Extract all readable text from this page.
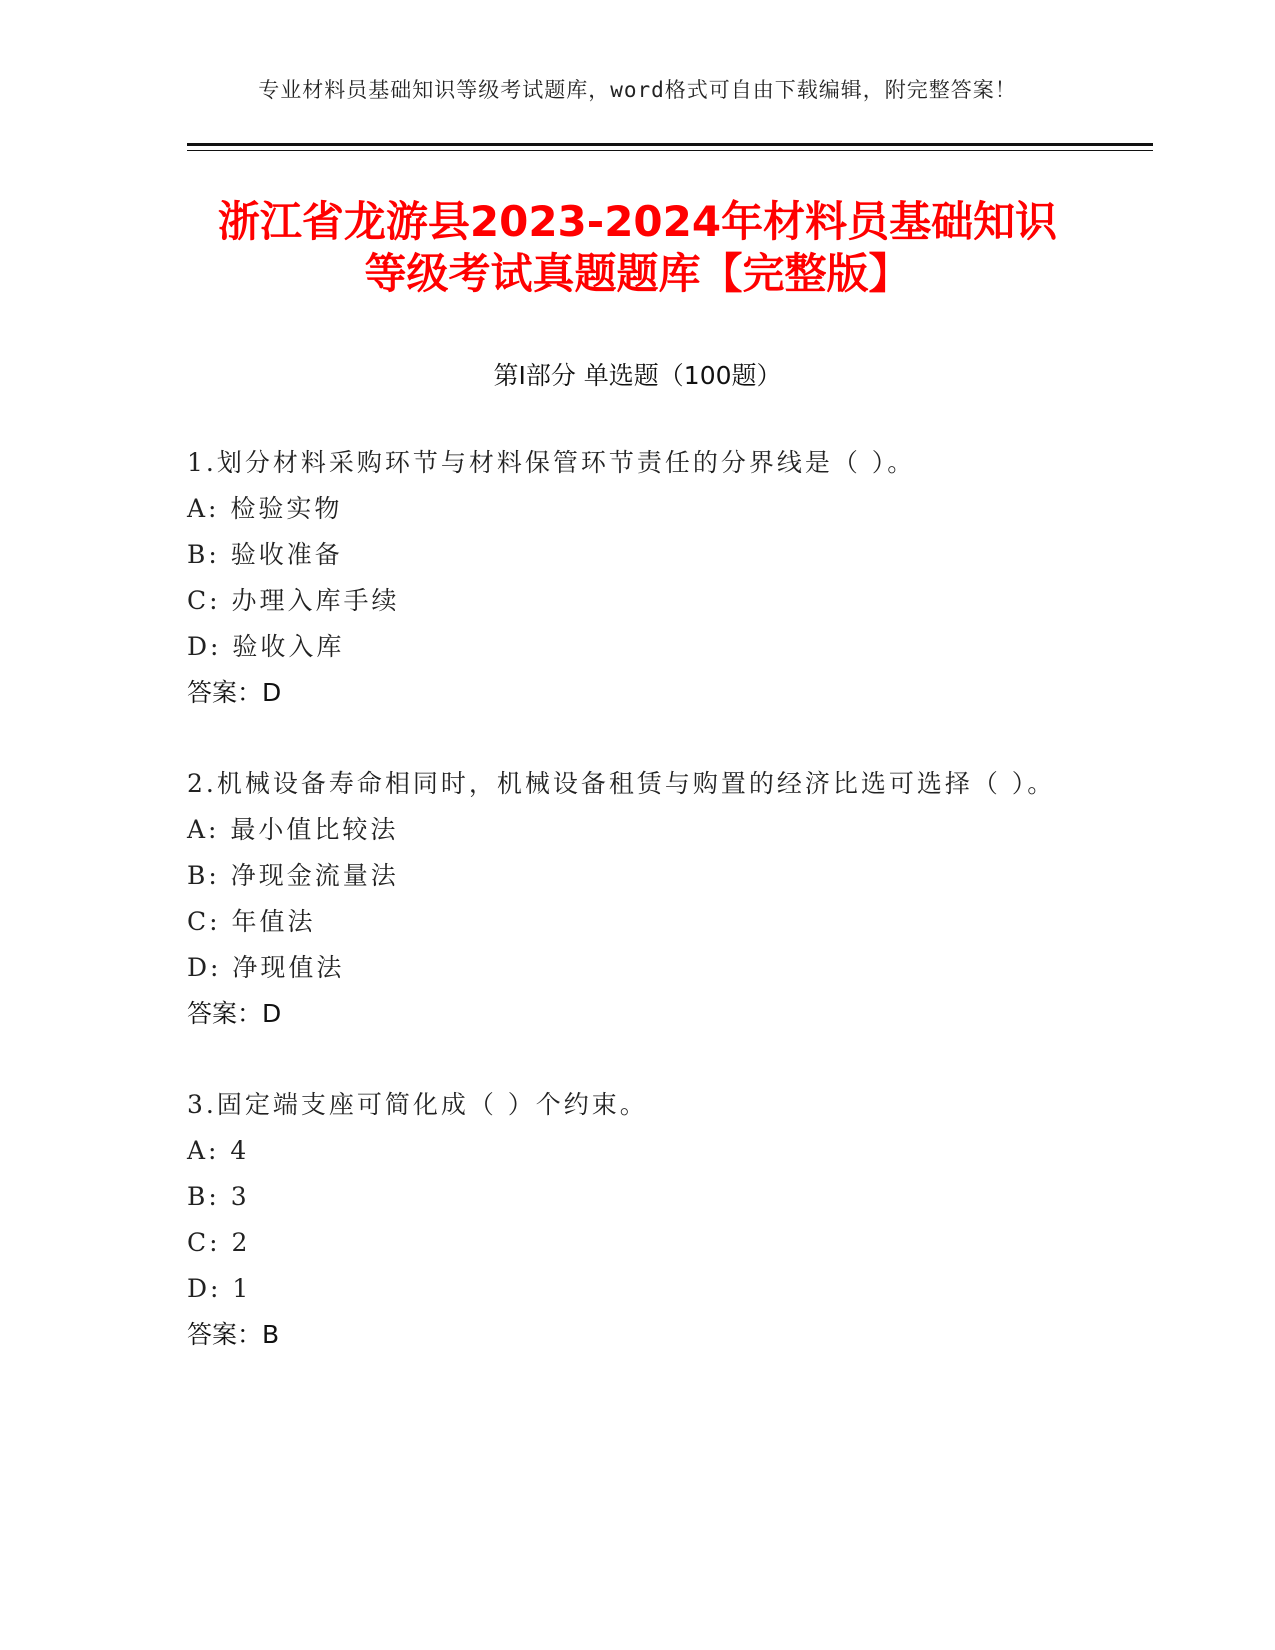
专业材料员基础知识等级考试题库，word格式可自由下载编辑，附完整答案！
浙江省龙游县2023-2024年材料员基础知识
等级考试真题题库【完整版】
第Ⅰ部分 单选题（100题）
1.划分材料采购环节与材料保管环节责任的分界线是（ ）。
A: 检验实物
B: 验收准备
C: 办理入库手续
D: 验收入库
答案：D
2.机械设备寿命相同时，机械设备租赁与购置的经济比选可选择（ ）。
A: 最小值比较法
B: 净现金流量法
C: 年值法
D: 净现值法
答案：D
3.固定端支座可简化成（ ）个约束。
A: 4
B: 3
C: 2
D: 1
答案：B
